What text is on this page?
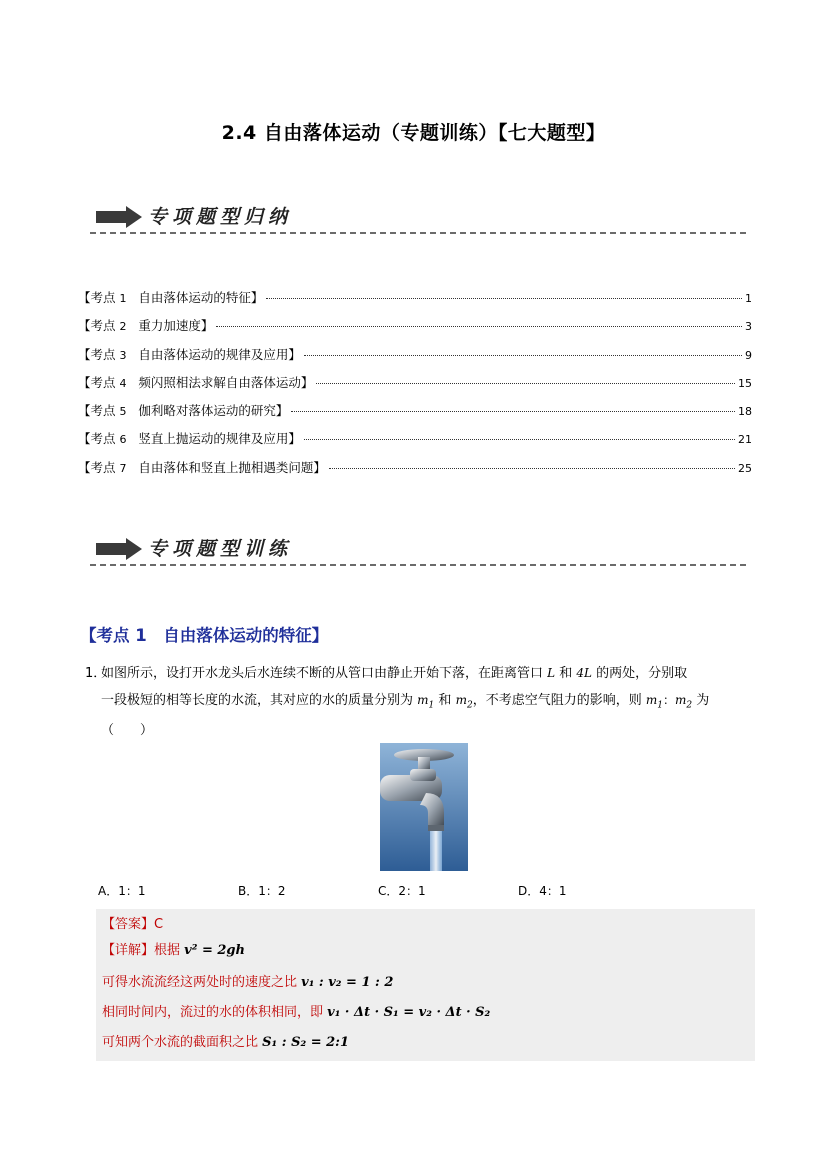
2.4 自由落体运动（专题训练）【七大题型】
专项题型归纳
【考点 1 自由落体运动的特征】	1
【考点 2 重力加速度】	3
【考点 3 自由落体运动的规律及应用】	9
【考点 4 频闪照相法求解自由落体运动】	15
【考点 5 伽利略对落体运动的研究】	18
【考点 6 竖直上抛运动的规律及应用】	21
【考点 7 自由落体和竖直上抛相遇类问题】	25
专项题型训练
【考点 1　自由落体运动的特征】
1．如图所示，设打开水龙头后水连续不断的从管口由静止开始下落，在距离管口 L 和 4L 的两处，分别取
一段极短的相等长度的水流，其对应的水的质量分别为 $m_1$ 和 $m_2$，不考虑空气阻力的影响，则 $m_1$：$m_2$ 为
（　　）
A．1：1	B．1：2	C．2：1	D．4：1
【答案】C
【详解】根据 v² = 2gh
可得水流流经这两处时的速度之比 v₁ : v₂ = 1 : 2
相同时间内，流过的水的体积相同，即 v₁ · Δt · S₁ = v₂ · Δt · S₂
可知两个水流的截面积之比 S₁ : S₂ = 2:1
